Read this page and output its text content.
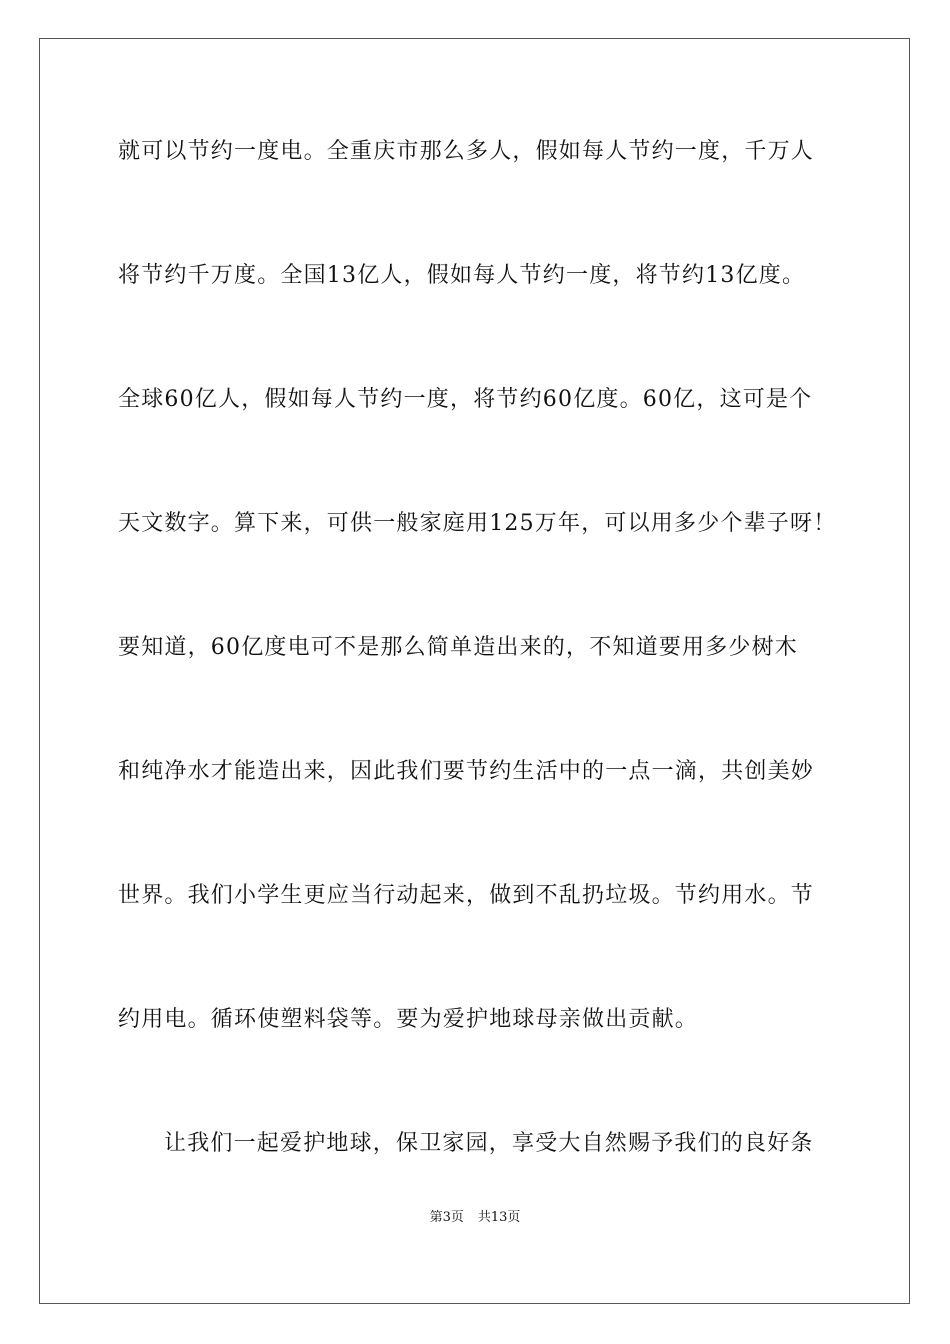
就可以节约一度电。全重庆市那么多人，假如每人节约一度，千万人
将节约千万度。全国13亿人，假如每人节约一度，将节约13亿度。
全球60亿人，假如每人节约一度，将节约60亿度。60亿，这可是个
天文数字。算下来，可供一般家庭用125万年，可以用多少个辈子呀！
要知道，60亿度电可不是那么简单造出来的，不知道要用多少树木
和纯净水才能造出来，因此我们要节约生活中的一点一滴，共创美妙
世界。我们小学生更应当行动起来，做到不乱扔垃圾。节约用水。节
约用电。循环使塑料袋等。要为爱护地球母亲做出贡献。
让我们一起爱护地球，保卫家园，享受大自然赐予我们的良好条
第3页 共13页
